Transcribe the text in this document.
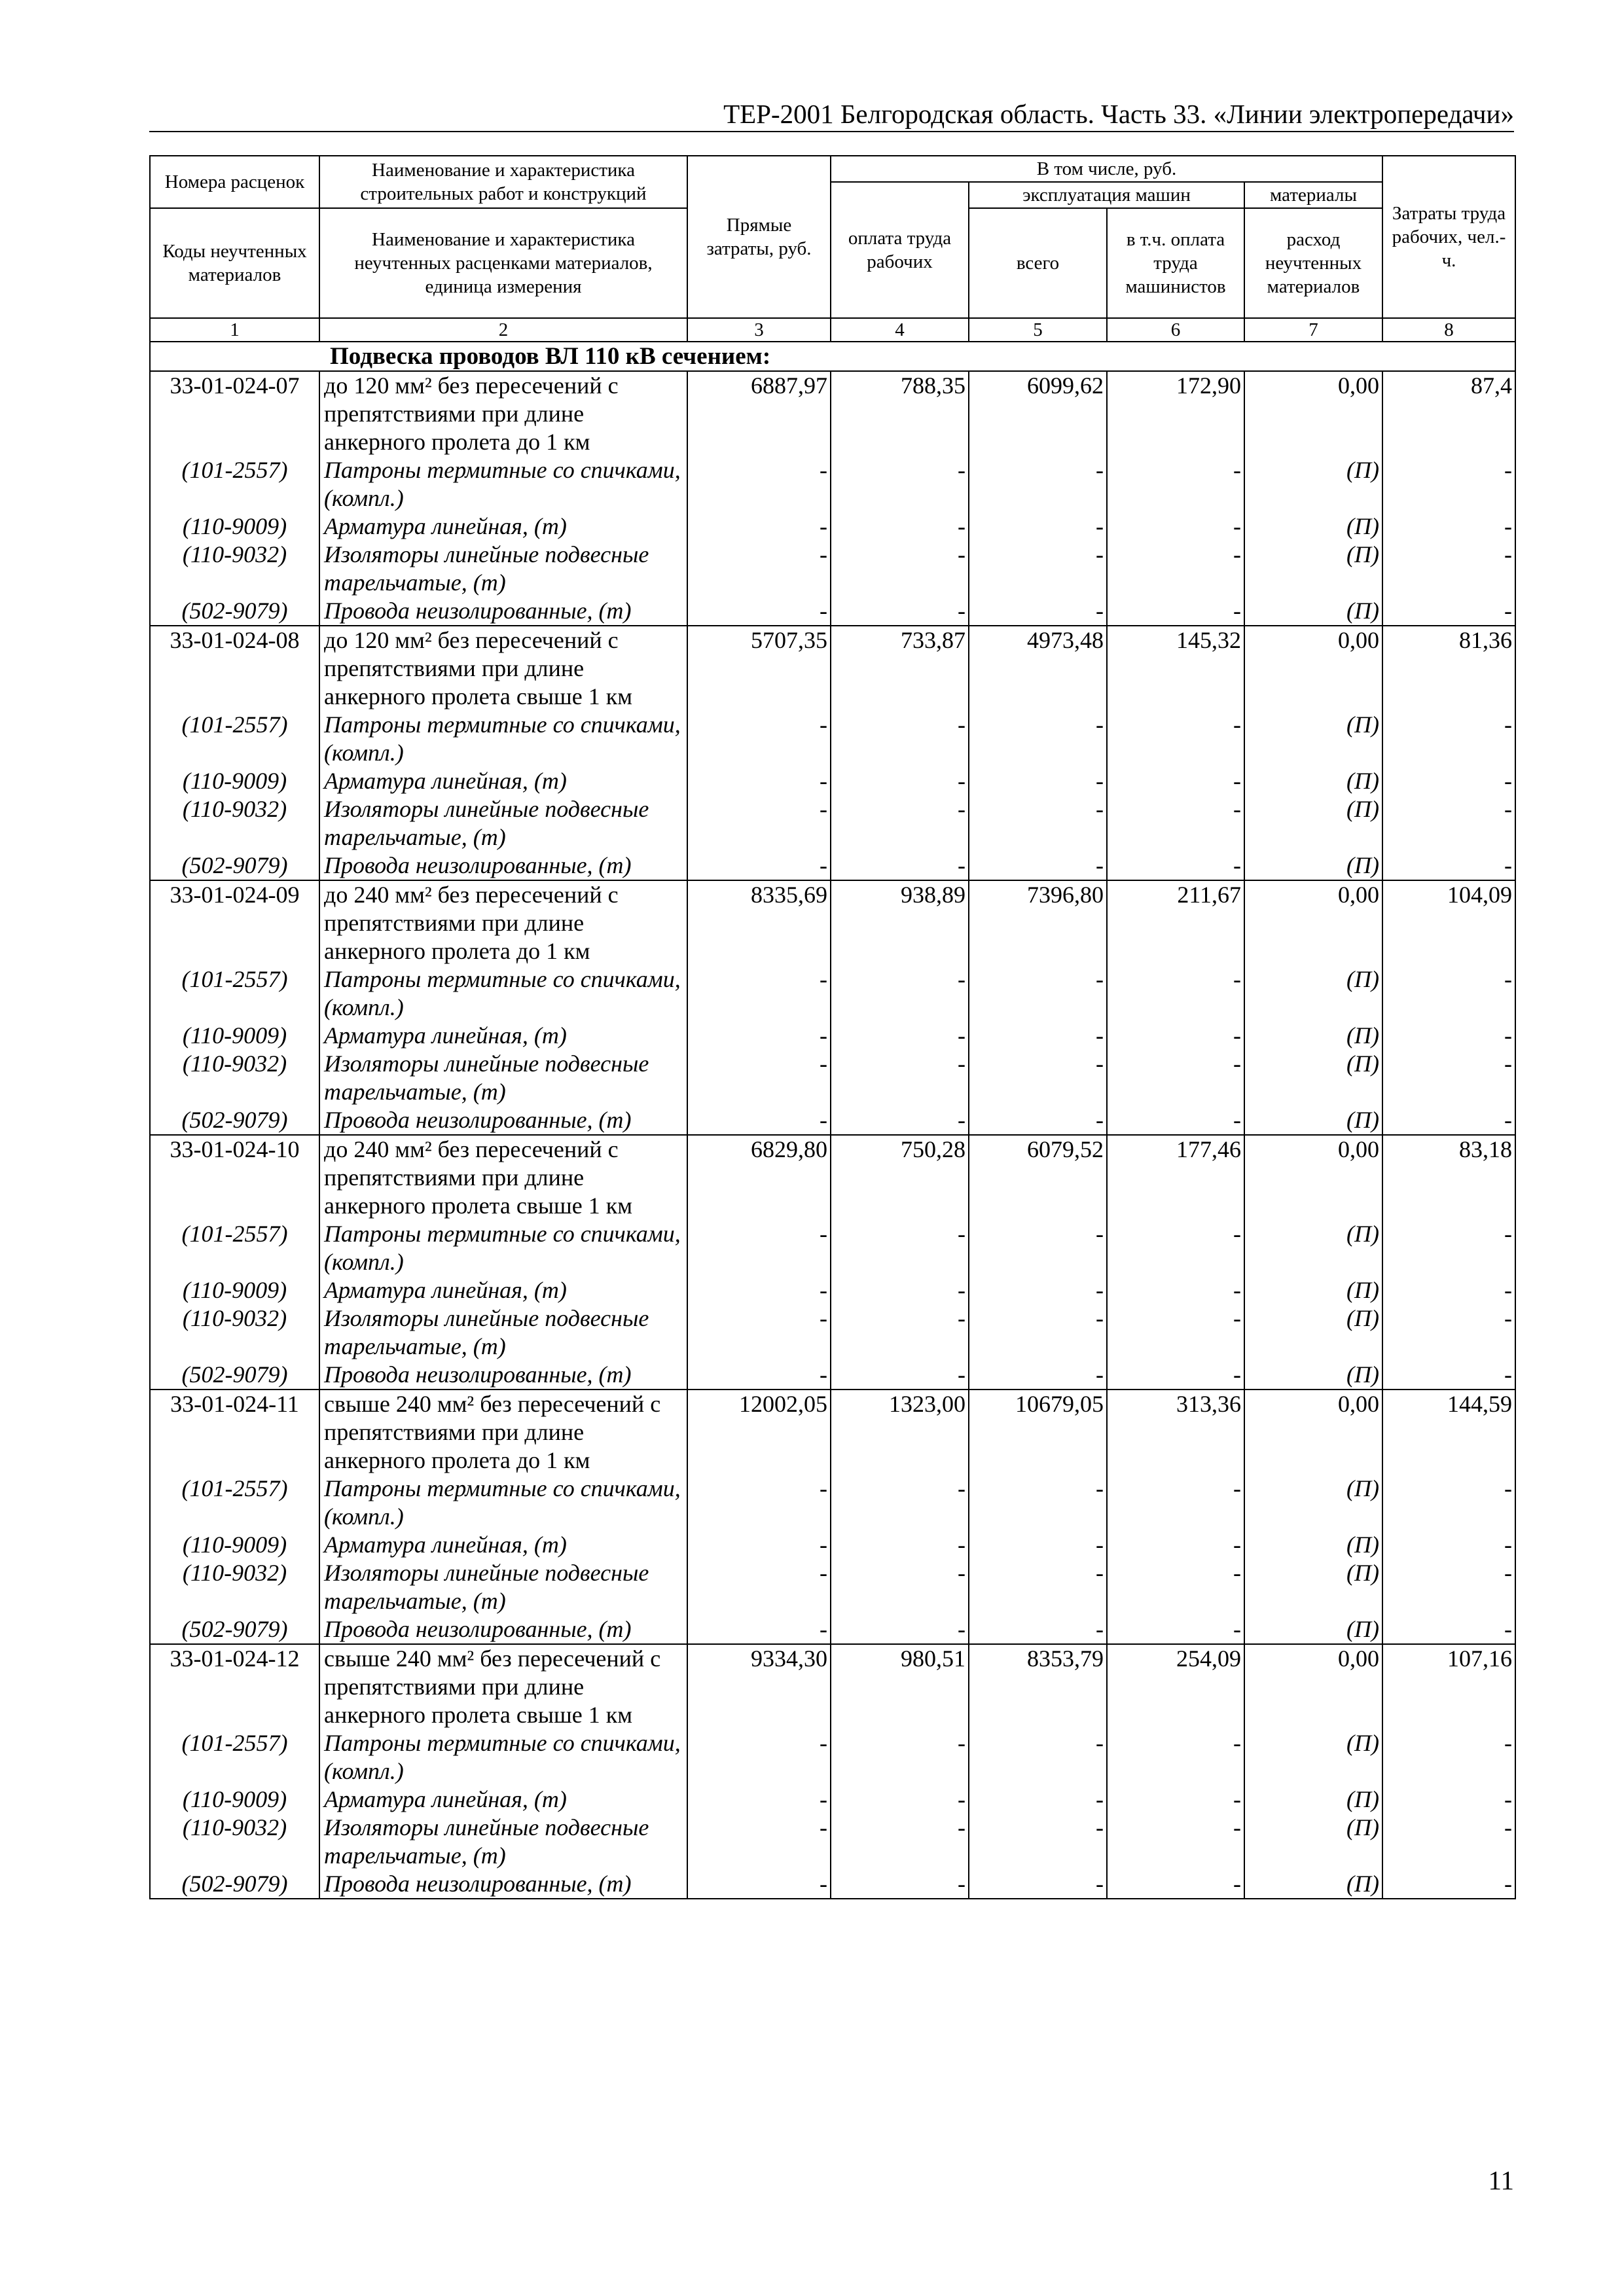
ТЕР-2001 Белгородская область. Часть 33. «Линии электропередачи»
Номера расценок	Наименование и характеристика строительных работ и конструкций	Прямые затраты, руб.	В том числе, руб.				Затраты труда рабочих, чел.-ч.
			оплата труда рабочих	эксплуатация машин		материалы	
Коды неучтенных материалов	Наименование и характеристика неучтенных расценками материалов, единица измерения			всего	в т.ч. оплата труда машинистов	расход неучтенных материалов	

1	2	3	4	5	6	7	8
Подвеска проводов ВЛ 110 кВ сечением:							
33-01-024-07	до 120 мм² без пересечений с препятствиями при длине анкерного пролета до 1 км	6887,97	788,35	6099,62	172,90	0,00	87,4
(101-2557)	Патроны термитные со спичками, (компл.)	-	-	-	-	(П)	-
(110-9009)	Арматура линейная, (т)	-	-	-	-	(П)	-
(110-9032)	Изоляторы линейные подвесные тарельчатые, (т)	-	-	-	-	(П)	-
(502-9079)	Провода неизолированные, (т)	-	-	-	-	(П)	-
33-01-024-08	до 120 мм² без пересечений с препятствиями при длине анкерного пролета свыше 1 км	5707,35	733,87	4973,48	145,32	0,00	81,36
(101-2557)	Патроны термитные со спичками, (компл.)	-	-	-	-	(П)	-
(110-9009)	Арматура линейная, (т)	-	-	-	-	(П)	-
(110-9032)	Изоляторы линейные подвесные тарельчатые, (т)	-	-	-	-	(П)	-
(502-9079)	Провода неизолированные, (т)	-	-	-	-	(П)	-
33-01-024-09	до 240 мм² без пересечений с препятствиями при длине анкерного пролета до 1 км	8335,69	938,89	7396,80	211,67	0,00	104,09
(101-2557)	Патроны термитные со спичками, (компл.)	-	-	-	-	(П)	-
(110-9009)	Арматура линейная, (т)	-	-	-	-	(П)	-
(110-9032)	Изоляторы линейные подвесные тарельчатые, (т)	-	-	-	-	(П)	-
(502-9079)	Провода неизолированные, (т)	-	-	-	-	(П)	-
33-01-024-10	до 240 мм² без пересечений с препятствиями при длине анкерного пролета свыше 1 км	6829,80	750,28	6079,52	177,46	0,00	83,18
(101-2557)	Патроны термитные со спичками, (компл.)	-	-	-	-	(П)	-
(110-9009)	Арматура линейная, (т)	-	-	-	-	(П)	-
(110-9032)	Изоляторы линейные подвесные тарельчатые, (т)	-	-	-	-	(П)	-
(502-9079)	Провода неизолированные, (т)	-	-	-	-	(П)	-
33-01-024-11	свыше 240 мм² без пересечений с препятствиями при длине анкерного пролета до 1 км	12002,05	1323,00	10679,05	313,36	0,00	144,59
(101-2557)	Патроны термитные со спичками, (компл.)	-	-	-	-	(П)	-
(110-9009)	Арматура линейная, (т)	-	-	-	-	(П)	-
(110-9032)	Изоляторы линейные подвесные тарельчатые, (т)	-	-	-	-	(П)	-
(502-9079)	Провода неизолированные, (т)	-	-	-	-	(П)	-
33-01-024-12	свыше 240 мм² без пересечений с препятствиями при длине анкерного пролета свыше 1 км	9334,30	980,51	8353,79	254,09	0,00	107,16
(101-2557)	Патроны термитные со спичками, (компл.)	-	-	-	-	(П)	-
(110-9009)	Арматура линейная, (т)	-	-	-	-	(П)	-
(110-9032)	Изоляторы линейные подвесные тарельчатые, (т)	-	-	-	-	(П)	-
(502-9079)	Провода неизолированные, (т)	-	-	-	-	(П)	-
11
